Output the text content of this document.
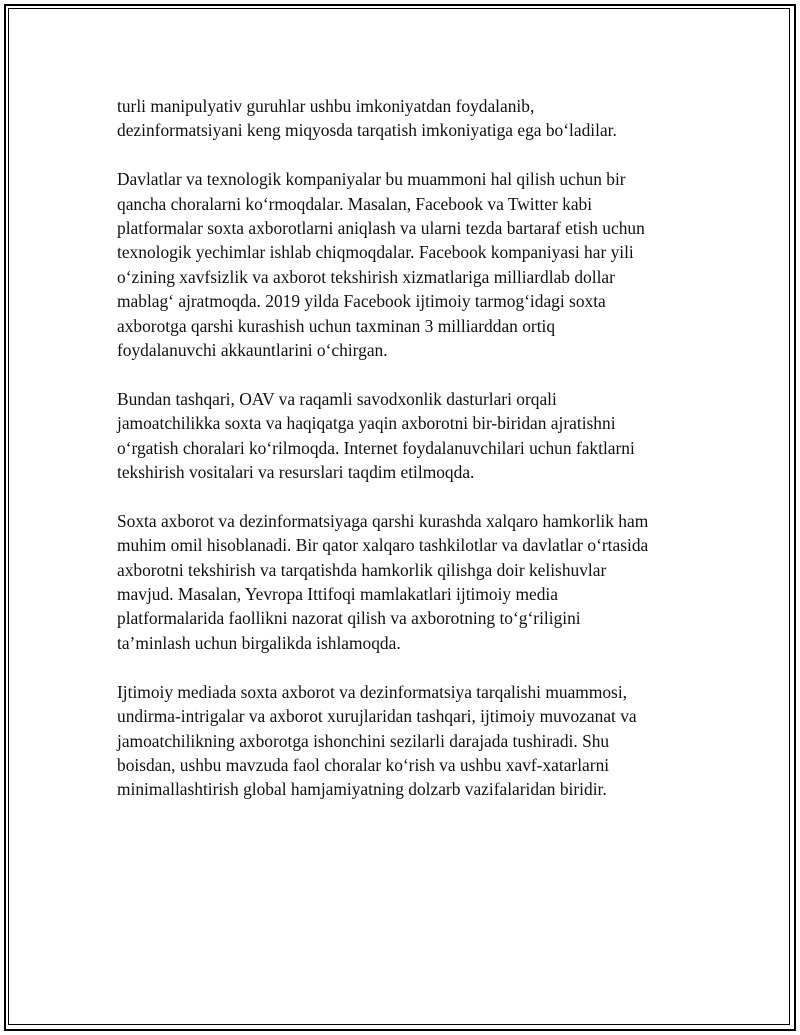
turli manipulyativ guruhlar ushbu imkoniyatdan foydalanib,
dezinformatsiyani keng miqyosda tarqatish imkoniyatiga ega bo‘ladilar.

Davlatlar va texnologik kompaniyalar bu muammoni hal qilish uchun bir
qancha choralarni ko‘rmoqdalar. Masalan, Facebook va Twitter kabi
platformalar soxta axborotlarni aniqlash va ularni tezda bartaraf etish uchun
texnologik yechimlar ishlab chiqmoqdalar. Facebook kompaniyasi har yili
o‘zining xavfsizlik va axborot tekshirish xizmatlariga milliardlab dollar
mablag‘ ajratmoqda. 2019 yilda Facebook ijtimoiy tarmog‘idagi soxta
axborotga qarshi kurashish uchun taxminan 3 milliarddan ortiq
foydalanuvchi akkauntlarini o‘chirgan.

Bundan tashqari, OAV va raqamli savodxonlik dasturlari orqali
jamoatchilikka soxta va haqiqatga yaqin axborotni bir-biridan ajratishni
o‘rgatish choralari ko‘rilmoqda. Internet foydalanuvchilari uchun faktlarni
tekshirish vositalari va resurslari taqdim etilmoqda.

Soxta axborot va dezinformatsiyaga qarshi kurashda xalqaro hamkorlik ham
muhim omil hisoblanadi. Bir qator xalqaro tashkilotlar va davlatlar o‘rtasida
axborotni tekshirish va tarqatishda hamkorlik qilishga doir kelishuvlar
mavjud. Masalan, Yevropa Ittifoqi mamlakatlari ijtimoiy media
platformalarida faollikni nazorat qilish va axborotning to‘g‘riligini
ta’minlash uchun birgalikda ishlamoqda.

Ijtimoiy mediada soxta axborot va dezinformatsiya tarqalishi muammosi,
undirma-intrigalar va axborot xurujlaridan tashqari, ijtimoiy muvozanat va
jamoatchilikning axborotga ishonchini sezilarli darajada tushiradi. Shu
boisdan, ushbu mavzuda faol choralar ko‘rish va ushbu xavf-xatarlarni
minimallashtirish global hamjamiyatning dolzarb vazifalaridan biridir.
